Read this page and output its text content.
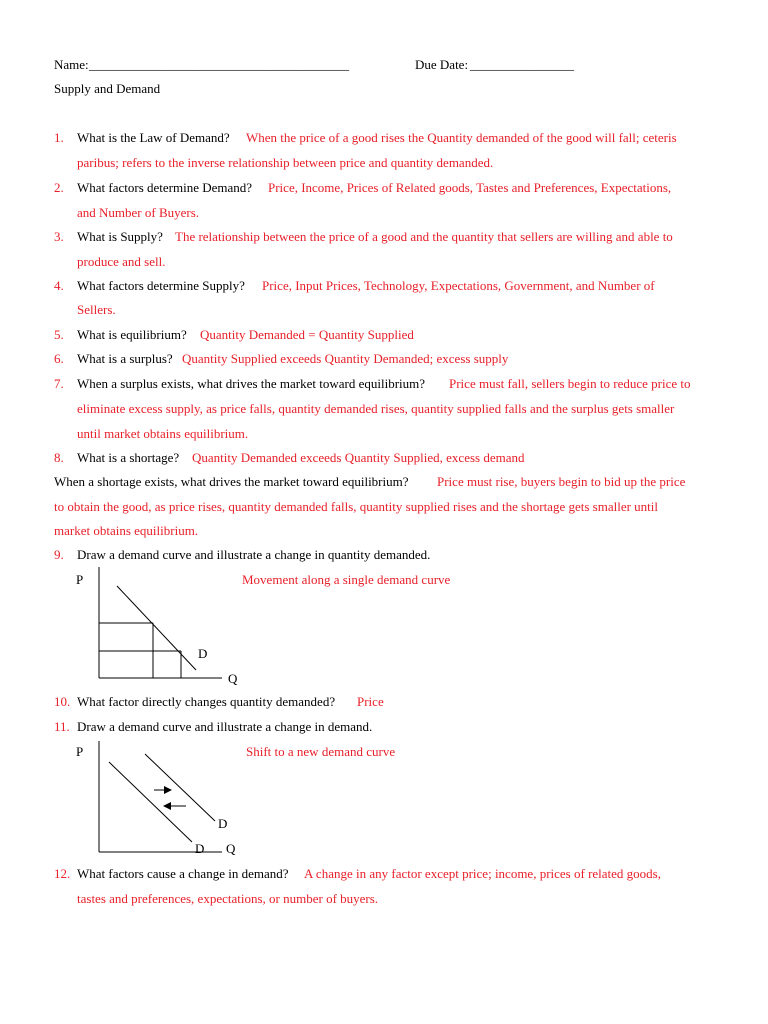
Name: ________________________________________	Due Date: ________________
Supply and Demand
1.	What is the Law of Demand? When the price of a good rises the Quantity demanded of the good will fall; ceteris
paribus; refers to the inverse relationship between price and quantity demanded.
2.	What factors determine Demand? Price, Income, Prices of Related goods, Tastes and Preferences, Expectations,
and Number of Buyers.
3.	What is Supply? The relationship between the price of a good and the quantity that sellers are willing and able to
produce and sell.
4.	What factors determine Supply? Price, Input Prices, Technology, Expectations, Government, and Number of
Sellers.
5.	What is equilibrium? Quantity Demanded = Quantity Supplied
6.	What is a surplus? Quantity Supplied exceeds Quantity Demanded; excess supply
7.	When a surplus exists, what drives the market toward equilibrium? Price must fall, sellers begin to reduce price to
eliminate excess supply, as price falls, quantity demanded rises, quantity supplied falls and the surplus gets smaller
until market obtains equilibrium.
8.	What is a shortage? Quantity Demanded exceeds Quantity Supplied, excess demand
When a shortage exists, what drives the market toward equilibrium? Price must rise, buyers begin to bid up the price
to obtain the good, as price rises, quantity demanded falls, quantity supplied rises and the shortage gets smaller until
market obtains equilibrium.
9.	Draw a demand curve and illustrate a change in quantity demanded.
P	Movement along a single demand curve
D
Q
10. What factor directly changes quantity demanded? Price
11. Draw a demand curve and illustrate a change in demand.
P	Shift to a new demand curve
D
D Q
12. What factors cause a change in demand? A change in any factor except price; income, prices of related goods,
tastes and preferences, expectations, or number of buyers.
